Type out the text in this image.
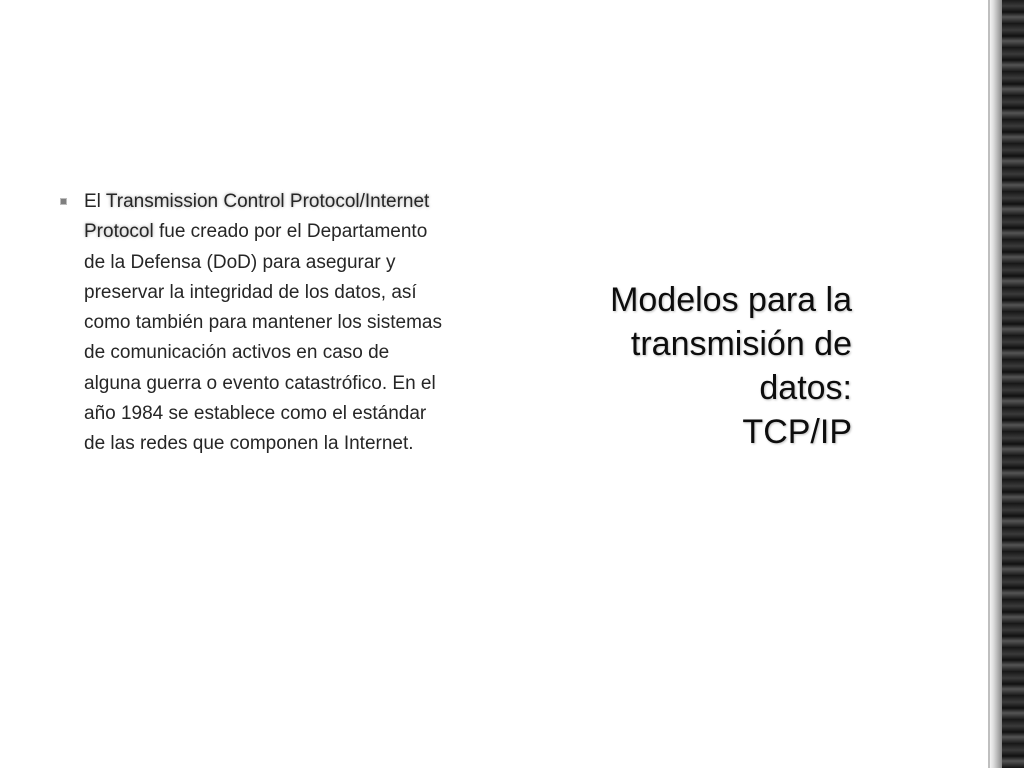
El Transmission Control Protocol/Internet Protocol fue creado por el Departamento de la Defensa (DoD) para asegurar y preservar la integridad de los datos, así como también para mantener los sistemas de comunicación activos en caso de alguna guerra o evento catastrófico. En el año 1984 se establece como el estándar de las redes que componen la Internet.
Modelos para la
transmisión de
datos:
TCP/IP
